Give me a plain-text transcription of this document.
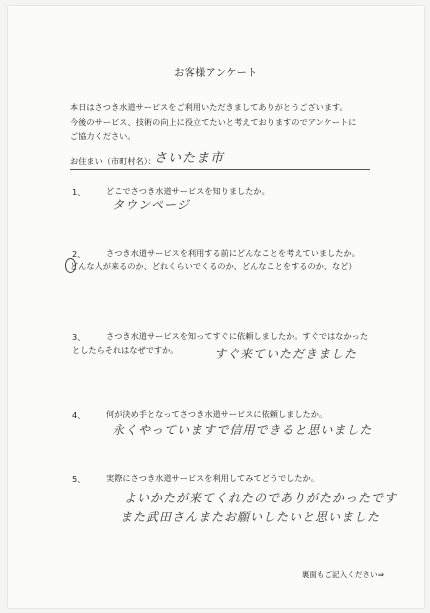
お客様アンケート
本日はさつき水道サービスをご利用いただきましてありがとうございます。
今後のサービス、技術の向上に役立てたいと考えておりますのでアンケートに
ご協力ください。
お住まい（市町村名）：
さいたま市
1、	どこでさつき水道サービスを知りましたか。
タウンページ
2、	さつき水道サービスを利用する前にどんなことを考えていましたか。
どんな人が来るのか、どれくらいでくるのか、どんなことをするのか、など）
3、	さつき水道サービスを知ってすぐに依頼しましたか。すぐではなかった
としたらそれはなぜですか。	すぐ来ていただきました
4、	何が決め手となってさつき水道サービスに依頼しましたか。
永くやっていますで信用できると思いました
5、	実際にさつき水道サービスを利用してみてどうでしたか。
よいかたが来てくれたのでありがたかったです
また武田さんまたお願いしたいと思いました
裏面もご記入ください⇒
